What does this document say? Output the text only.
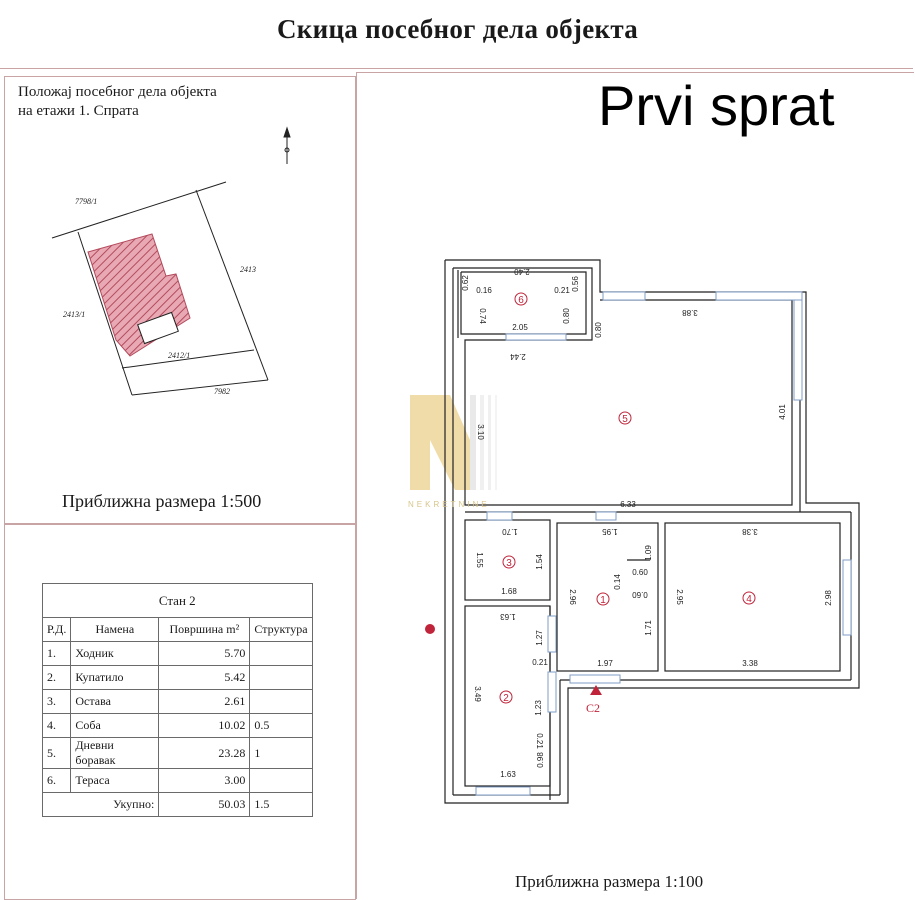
Скица посебног дела објекта
Положај посебног дела објекта
на етажи 1. Спрата	Prvi sprat
7798/1
2413
2413/1
2412/1
7982
6
5
3
1	4
2
C2
2.40
0.56
0.62 0.16	0.21
0.74	0.80
2.05	0.80
3.88
2.44
3.10
4.01
6.33
1.70	1.95	3.38
1.55	1.54
1.68
1.09
0.14
0.60
0.60
2.96	2.95	2.98
1.71
1.63
1.27
0.21	1.97	3.38
3.49
1.23
0.21
0.98
1.63
NEKRETNINE
Приближна размера 1:500
Приближна размера 1:100
Стан 2			
Р.Д.	Намена	Површина m²	Структура
1.	Ходник	5.70	
2.	Купатило	5.42	
3.	Остава	2.61	
4.	Соба	10.02	0.5
5.	Дневни боравак	23.28	1
6.	Тераса	3.00	
Укупно:		50.03	1.5
